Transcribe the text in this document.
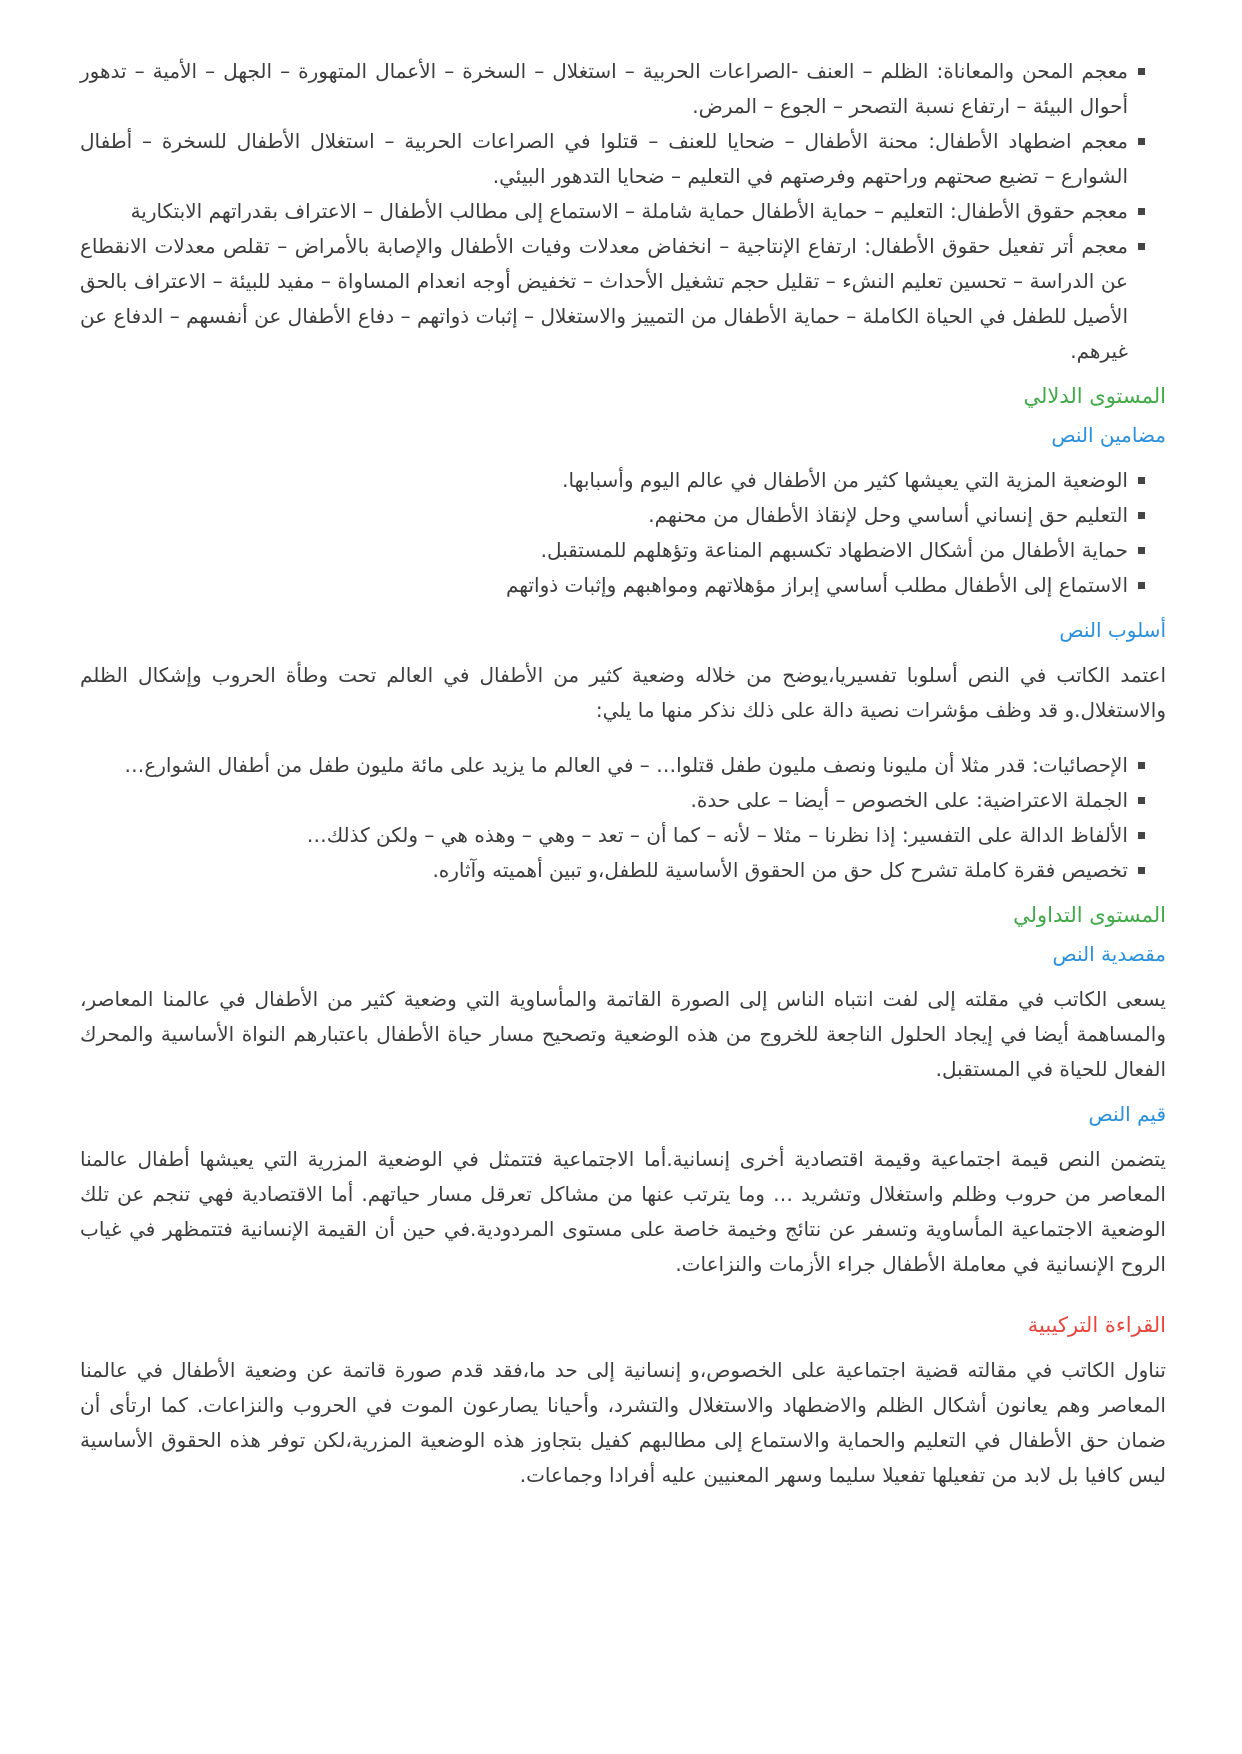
معجم المحن والمعاناة: الظلم – العنف -الصراعات الحربية – استغلال – السخرة – الأعمال المتهورة – الجهل – الأمية – تدهور أحوال البيئة – ارتفاع نسبة التصحر – الجوع – المرض.
معجم اضطهاد الأطفال: محنة الأطفال – ضحايا للعنف – قتلوا في الصراعات الحربية – استغلال الأطفال للسخرة – أطفال الشوارع – تضيع صحتهم وراحتهم وفرصتهم في التعليم – ضحايا التدهور البيئي.
معجم حقوق الأطفال: التعليم – حماية الأطفال حماية شاملة – الاستماع إلى مطالب الأطفال – الاعتراف بقدراتهم الابتكارية
معجم أتر تفعيل حقوق الأطفال: ارتفاع الإنتاجية – انخفاض معدلات وفيات الأطفال والإصابة بالأمراض – تقلص معدلات الانقطاع عن الدراسة – تحسين تعليم النشء – تقليل حجم تشغيل الأحداث – تخفيض أوجه انعدام المساواة – مفيد للبيئة – الاعتراف بالحق الأصيل للطفل في الحياة الكاملة – حماية الأطفال من التمييز والاستغلال – إثبات ذواتهم – دفاع الأطفال عن أنفسهم – الدفاع عن غيرهم.
المستوى الدلالي
مضامين النص
الوضعية المزية التي يعيشها كثير من الأطفال في عالم اليوم وأسبابها.
التعليم حق إنساني أساسي وحل لإنقاذ الأطفال من محنهم.
حماية الأطفال من أشكال الاضطهاد تكسبهم المناعة وتؤهلهم للمستقبل.
الاستماع إلى الأطفال مطلب أساسي إبراز مؤهلاتهم ومواهبهم وإثبات ذواتهم
أسلوب النص

اعتمد الكاتب في النص أسلوبا تفسيريا،يوضح من خلاله وضعية كثير من الأطفال في العالم تحت وطأة الحروب وإشكال الظلم والاستغلال.و قد وظف مؤشرات نصية دالة على ذلك نذكر منها ما يلي:

الإحصائيات: قدر مثلا أن مليونا ونصف مليون طفل قتلوا… – في العالم ما يزيد على مائة مليون طفل من أطفال الشوارع…
الجملة الاعتراضية: على الخصوص – أيضا – على حدة.
الألفاظ الدالة على التفسير: إذا نظرنا – مثلا – لأنه – كما أن – تعد – وهي – وهذه هي – ولكن كذلك…
تخصيص فقرة كاملة تشرح كل حق من الحقوق الأساسية للطفل،و تبين أهميته وآثاره.
المستوى التداولي
مقصدية النص

يسعى الكاتب في مقلته إلى لفت انتباه الناس إلى الصورة القاتمة والمأساوية التي وضعية كثير من الأطفال في عالمنا المعاصر، والمساهمة أيضا في إيجاد الحلول الناجعة للخروج من هذه الوضعية وتصحيح مسار حياة الأطفال باعتبارهم النواة الأساسية والمحرك الفعال للحياة في المستقبل.

قيم النص

يتضمن النص قيمة اجتماعية وقيمة اقتصادية أخرى إنسانية.أما الاجتماعية فتتمثل في الوضعية المزرية التي يعيشها أطفال عالمنا المعاصر من حروب وظلم واستغلال وتشريد … وما يترتب عنها من مشاكل تعرقل مسار حياتهم. أما الاقتصادية فهي تنجم عن تلك الوضعية الاجتماعية المأساوية وتسفر عن نتائج وخيمة خاصة على مستوى المردودية.في حين أن القيمة الإنسانية فتتمظهر في غياب الروح الإنسانية في معاملة الأطفال جراء الأزمات والنزاعات.

القراءة التركيبية

تناول الكاتب في مقالته قضية اجتماعية على الخصوص،و إنسانية إلى حد ما،فقد قدم صورة قاتمة عن وضعية الأطفال في عالمنا المعاصر وهم يعانون أشكال الظلم والاضطهاد والاستغلال والتشرد، وأحيانا يصارعون الموت في الحروب والنزاعات. كما ارتأى أن ضمان حق الأطفال في التعليم والحماية والاستماع إلى مطالبهم كفيل بتجاوز هذه الوضعية المزرية،لكن توفر هذه الحقوق الأساسية ليس كافيا بل لابد من تفعيلها تفعيلا سليما وسهر المعنيين عليه أفرادا وجماعات.
